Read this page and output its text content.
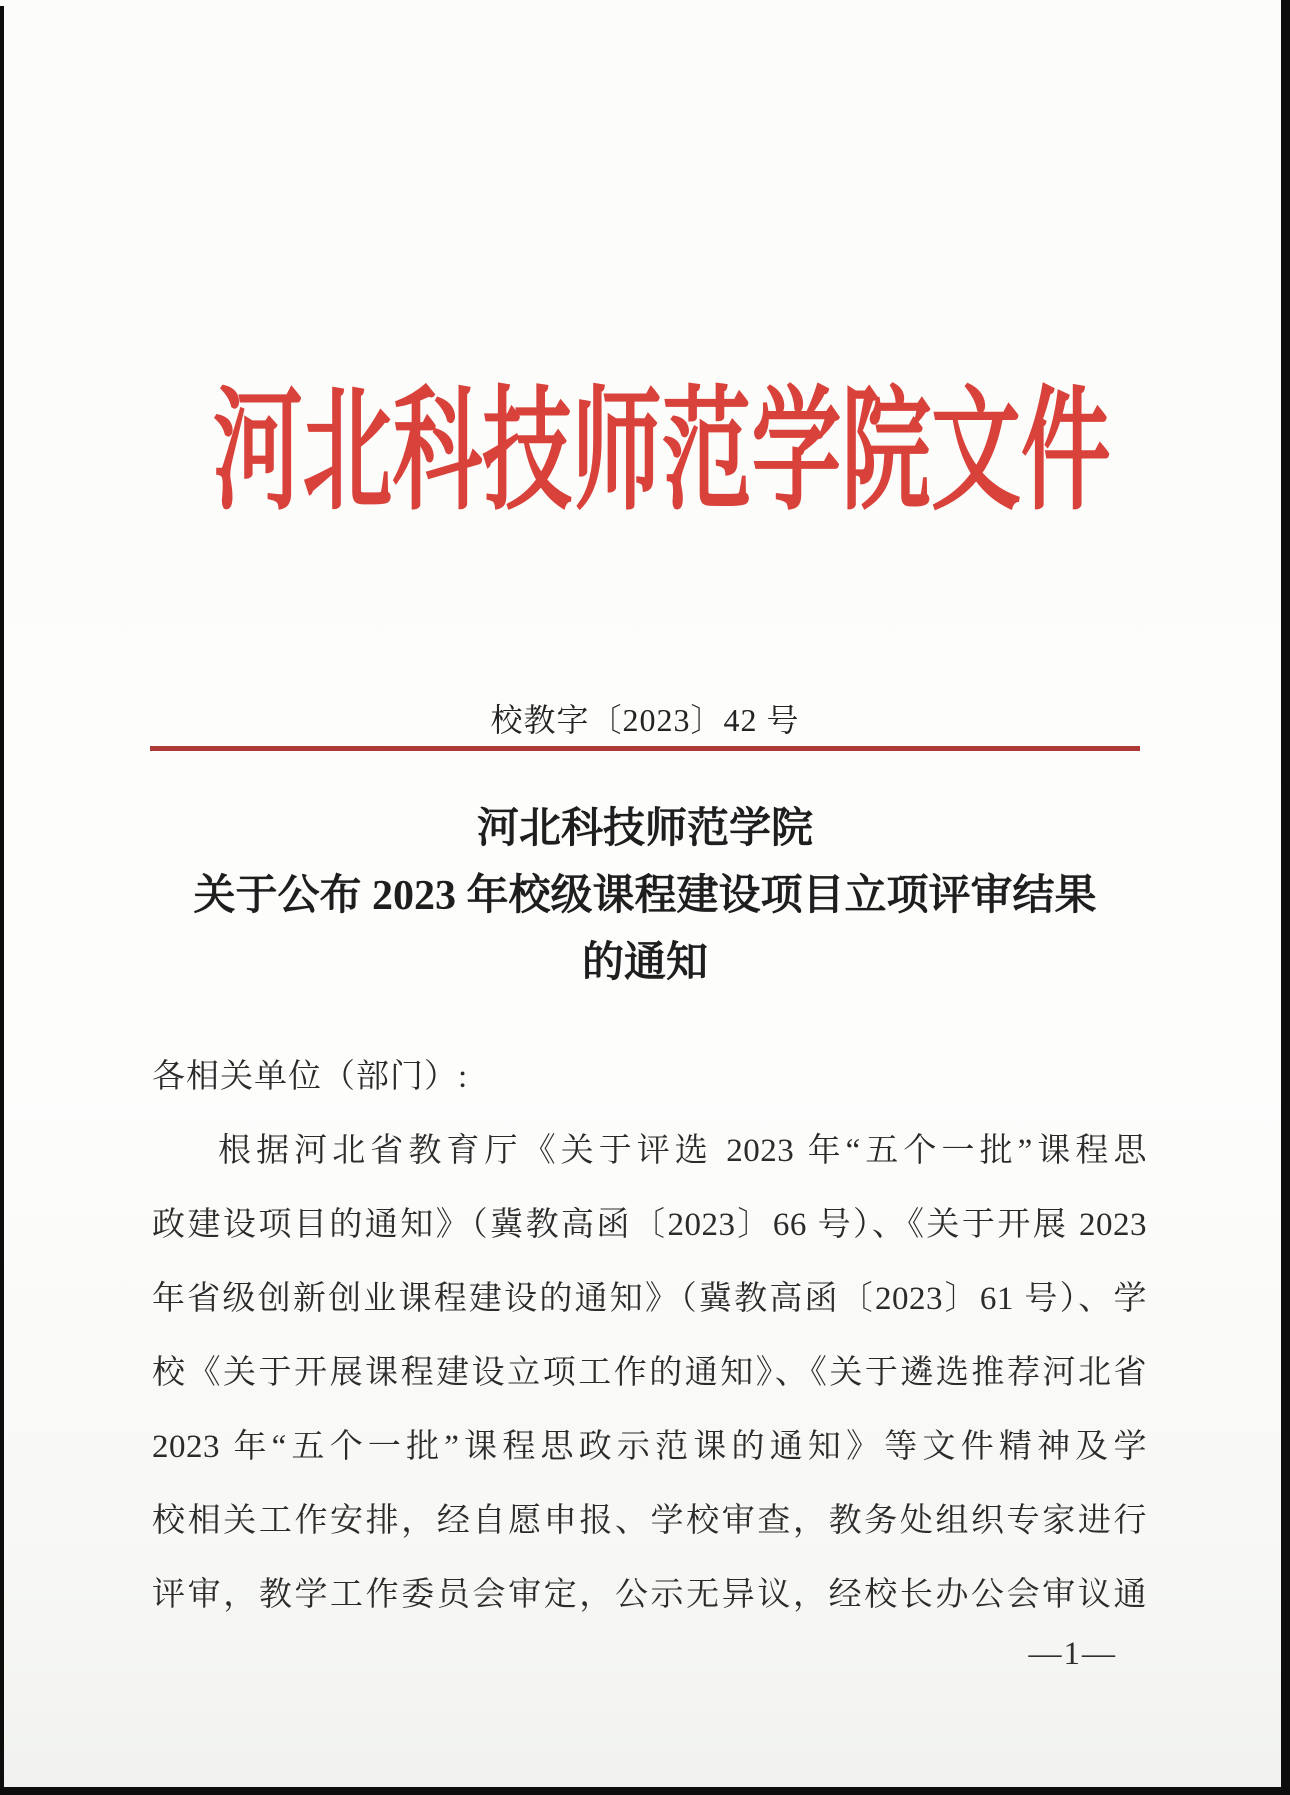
河北科技师范学院文件
校教字〔2023〕42 号
河北科技师范学院
关于公布 2023 年校级课程建设项目立项评审结果
的通知
各相关单位（部门）:
根据河北省教育厅《关于评选 2023 年“五个一批”课程思
政建设项目的通知》（冀教高函〔2023〕66 号）、《关于开展 2023
年省级创新创业课程建设的通知》（冀教高函〔2023〕61 号）、学
校《关于开展课程建设立项工作的通知》、《关于遴选推荐河北省
2023 年“五个一批”课程思政示范课的通知》等文件精神及学
校相关工作安排，经自愿申报、学校审查，教务处组织专家进行
评审，教学工作委员会审定，公示无异议，经校长办公会审议通
—1—
